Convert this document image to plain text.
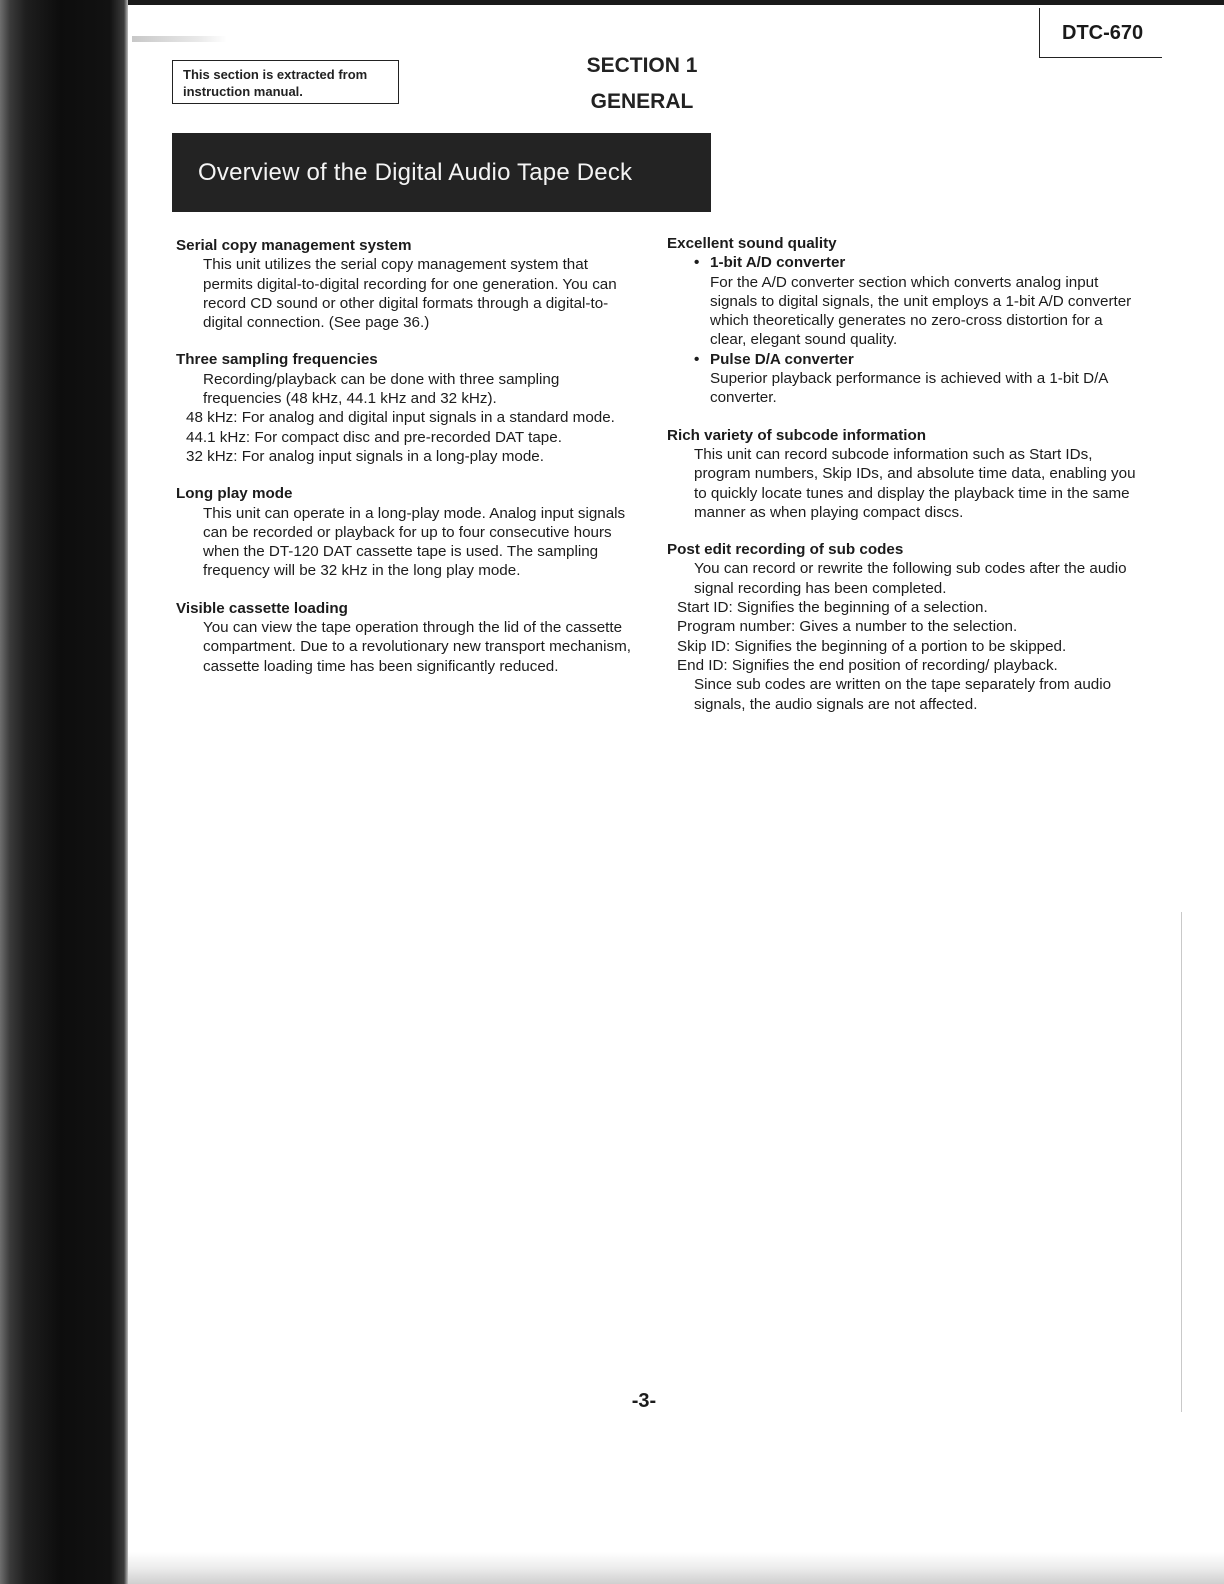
DTC-670
This section is extracted from instruction manual.
SECTION 1
GENERAL
Overview of the Digital Audio Tape Deck
Serial copy management system

This unit utilizes the serial copy management system that permits digital-to-digital recording for one generation. You can record CD sound or other digital formats through a digital-to-digital connection. (See page 36.)

Three sampling frequencies

Recording/playback can be done with three sampling frequencies (48 kHz, 44.1 kHz and 32 kHz).

48 kHz: For analog and digital input signals in a standard mode.

44.1 kHz: For compact disc and pre-recorded DAT tape.

32 kHz: For analog input signals in a long-play mode.

Long play mode

This unit can operate in a long-play mode. Analog input signals can be recorded or playback for up to four consecutive hours when the DT-120 DAT cassette tape is used. The sampling frequency will be 32 kHz in the long play mode.

Visible cassette loading

You can view the tape operation through the lid of the cassette compartment. Due to a revolutionary new transport mechanism, cassette loading time has been significantly reduced.

Excellent sound quality
• 1-bit A/D converter
For the A/D converter section which converts analog input signals to digital signals, the unit employs a 1-bit A/D converter which theoretically generates no zero-cross distortion for a clear, elegant sound quality.
• Pulse D/A converter
Superior playback performance is achieved with a 1-bit D/A converter.
Rich variety of subcode information

This unit can record subcode information such as Start IDs, program numbers, Skip IDs, and absolute time data, enabling you to quickly locate tunes and display the playback time in the same manner as when playing compact discs.

Post edit recording of sub codes

You can record or rewrite the following sub codes after the audio signal recording has been completed.

Start ID: Signifies the beginning of a selection.

Program number: Gives a number to the selection.

Skip ID: Signifies the beginning of a portion to be skipped.

End ID: Signifies the end position of recording/ playback.

Since sub codes are written on the tape separately from audio signals, the audio signals are not affected.

-3-
